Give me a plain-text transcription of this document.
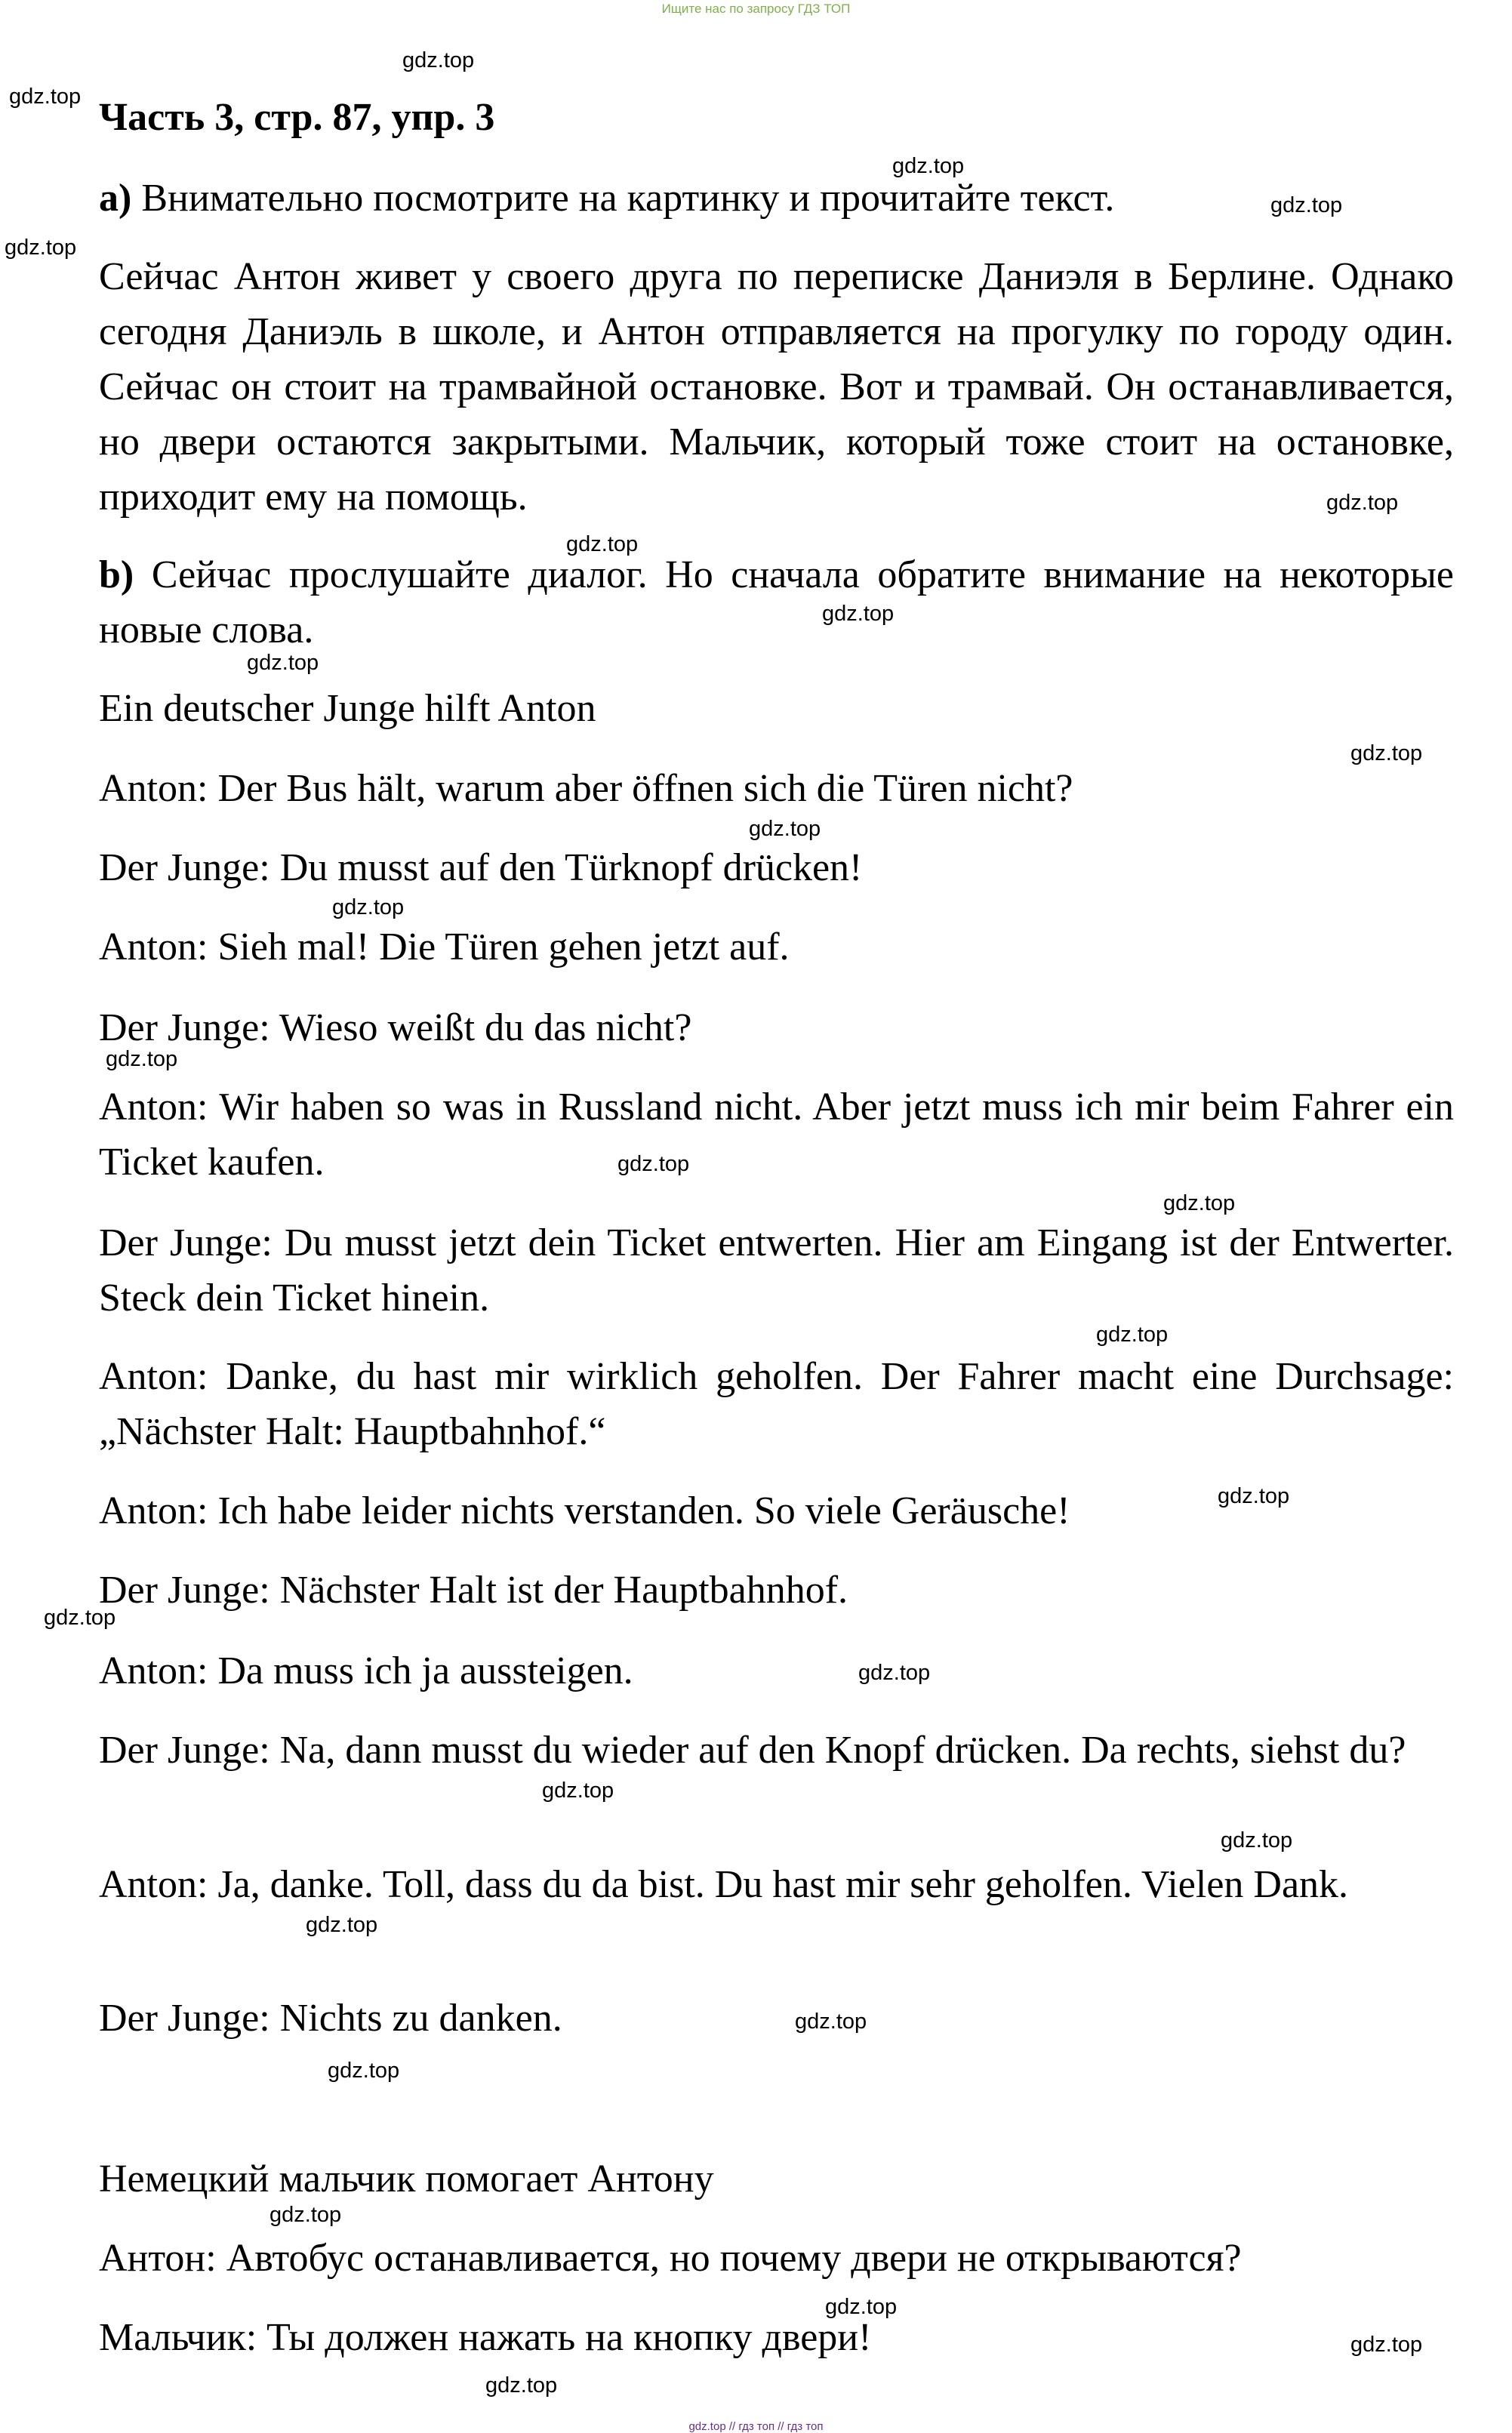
Ищите нас по запросу ГДЗ ТОП
Часть 3, стр. 87, упр. 3
a) Внимательно посмотрите на картинку и прочитайте текст.
Сейчас Антон живет у своего друга по переписке Даниэля в Берлине. Однако сегодня Даниэль в школе, и Антон отправляется на прогулку по городу один. Сейчас он стоит на трамвайной остановке. Вот и трамвай. Он останавливается, но двери остаются закрытыми. Мальчик, который тоже стоит на остановке, приходит ему на помощь.
b) Сейчас прослушайте диалог. Но сначала обратите внимание на некоторые новые слова.
Ein deutscher Junge hilft Anton
Anton: Der Bus hält, warum aber öffnen sich die Türen nicht?
Der Junge: Du musst auf den Türknopf drücken!
Anton: Sieh mal! Die Türen gehen jetzt auf.
Der Junge: Wieso weißt du das nicht?
Anton: Wir haben so was in Russland nicht. Aber jetzt muss ich mir beim Fahrer ein Ticket kaufen.
Der Junge: Du musst jetzt dein Ticket entwerten. Hier am Eingang ist der Entwerter. Steck dein Ticket hinein.
Anton: Danke, du hast mir wirklich geholfen. Der Fahrer macht eine Durchsage:„Nächster Halt: Hauptbahnhof.“
Anton: Ich habe leider nichts verstanden. So viele Geräusche!
Der Junge: Nächster Halt ist der Hauptbahnhof.
Anton: Da muss ich ja aussteigen.
Der Junge: Na, dann musst du wieder auf den Knopf drücken. Da rechts, siehst du?
Anton: Ja, danke. Toll, dass du da bist. Du hast mir sehr geholfen. Vielen Dank.
Der Junge: Nichts zu danken.
Немецкий мальчик помогает Антону
Антон: Автобус останавливается, но почему двери не открываются?
Мальчик: Ты должен нажать на кнопку двери!
gdz.top
gdz.top
gdz.top
gdz.top
gdz.top
gdz.top
gdz.top
gdz.top
gdz.top
gdz.top
gdz.top
gdz.top
gdz.top
gdz.top
gdz.top
gdz.top
gdz.top
gdz.top
gdz.top
gdz.top
gdz.top
gdz.top
gdz.top
gdz.top
gdz.top
gdz.top
gdz.top
gdz.top
gdz.top // гдз топ // гдз топ
